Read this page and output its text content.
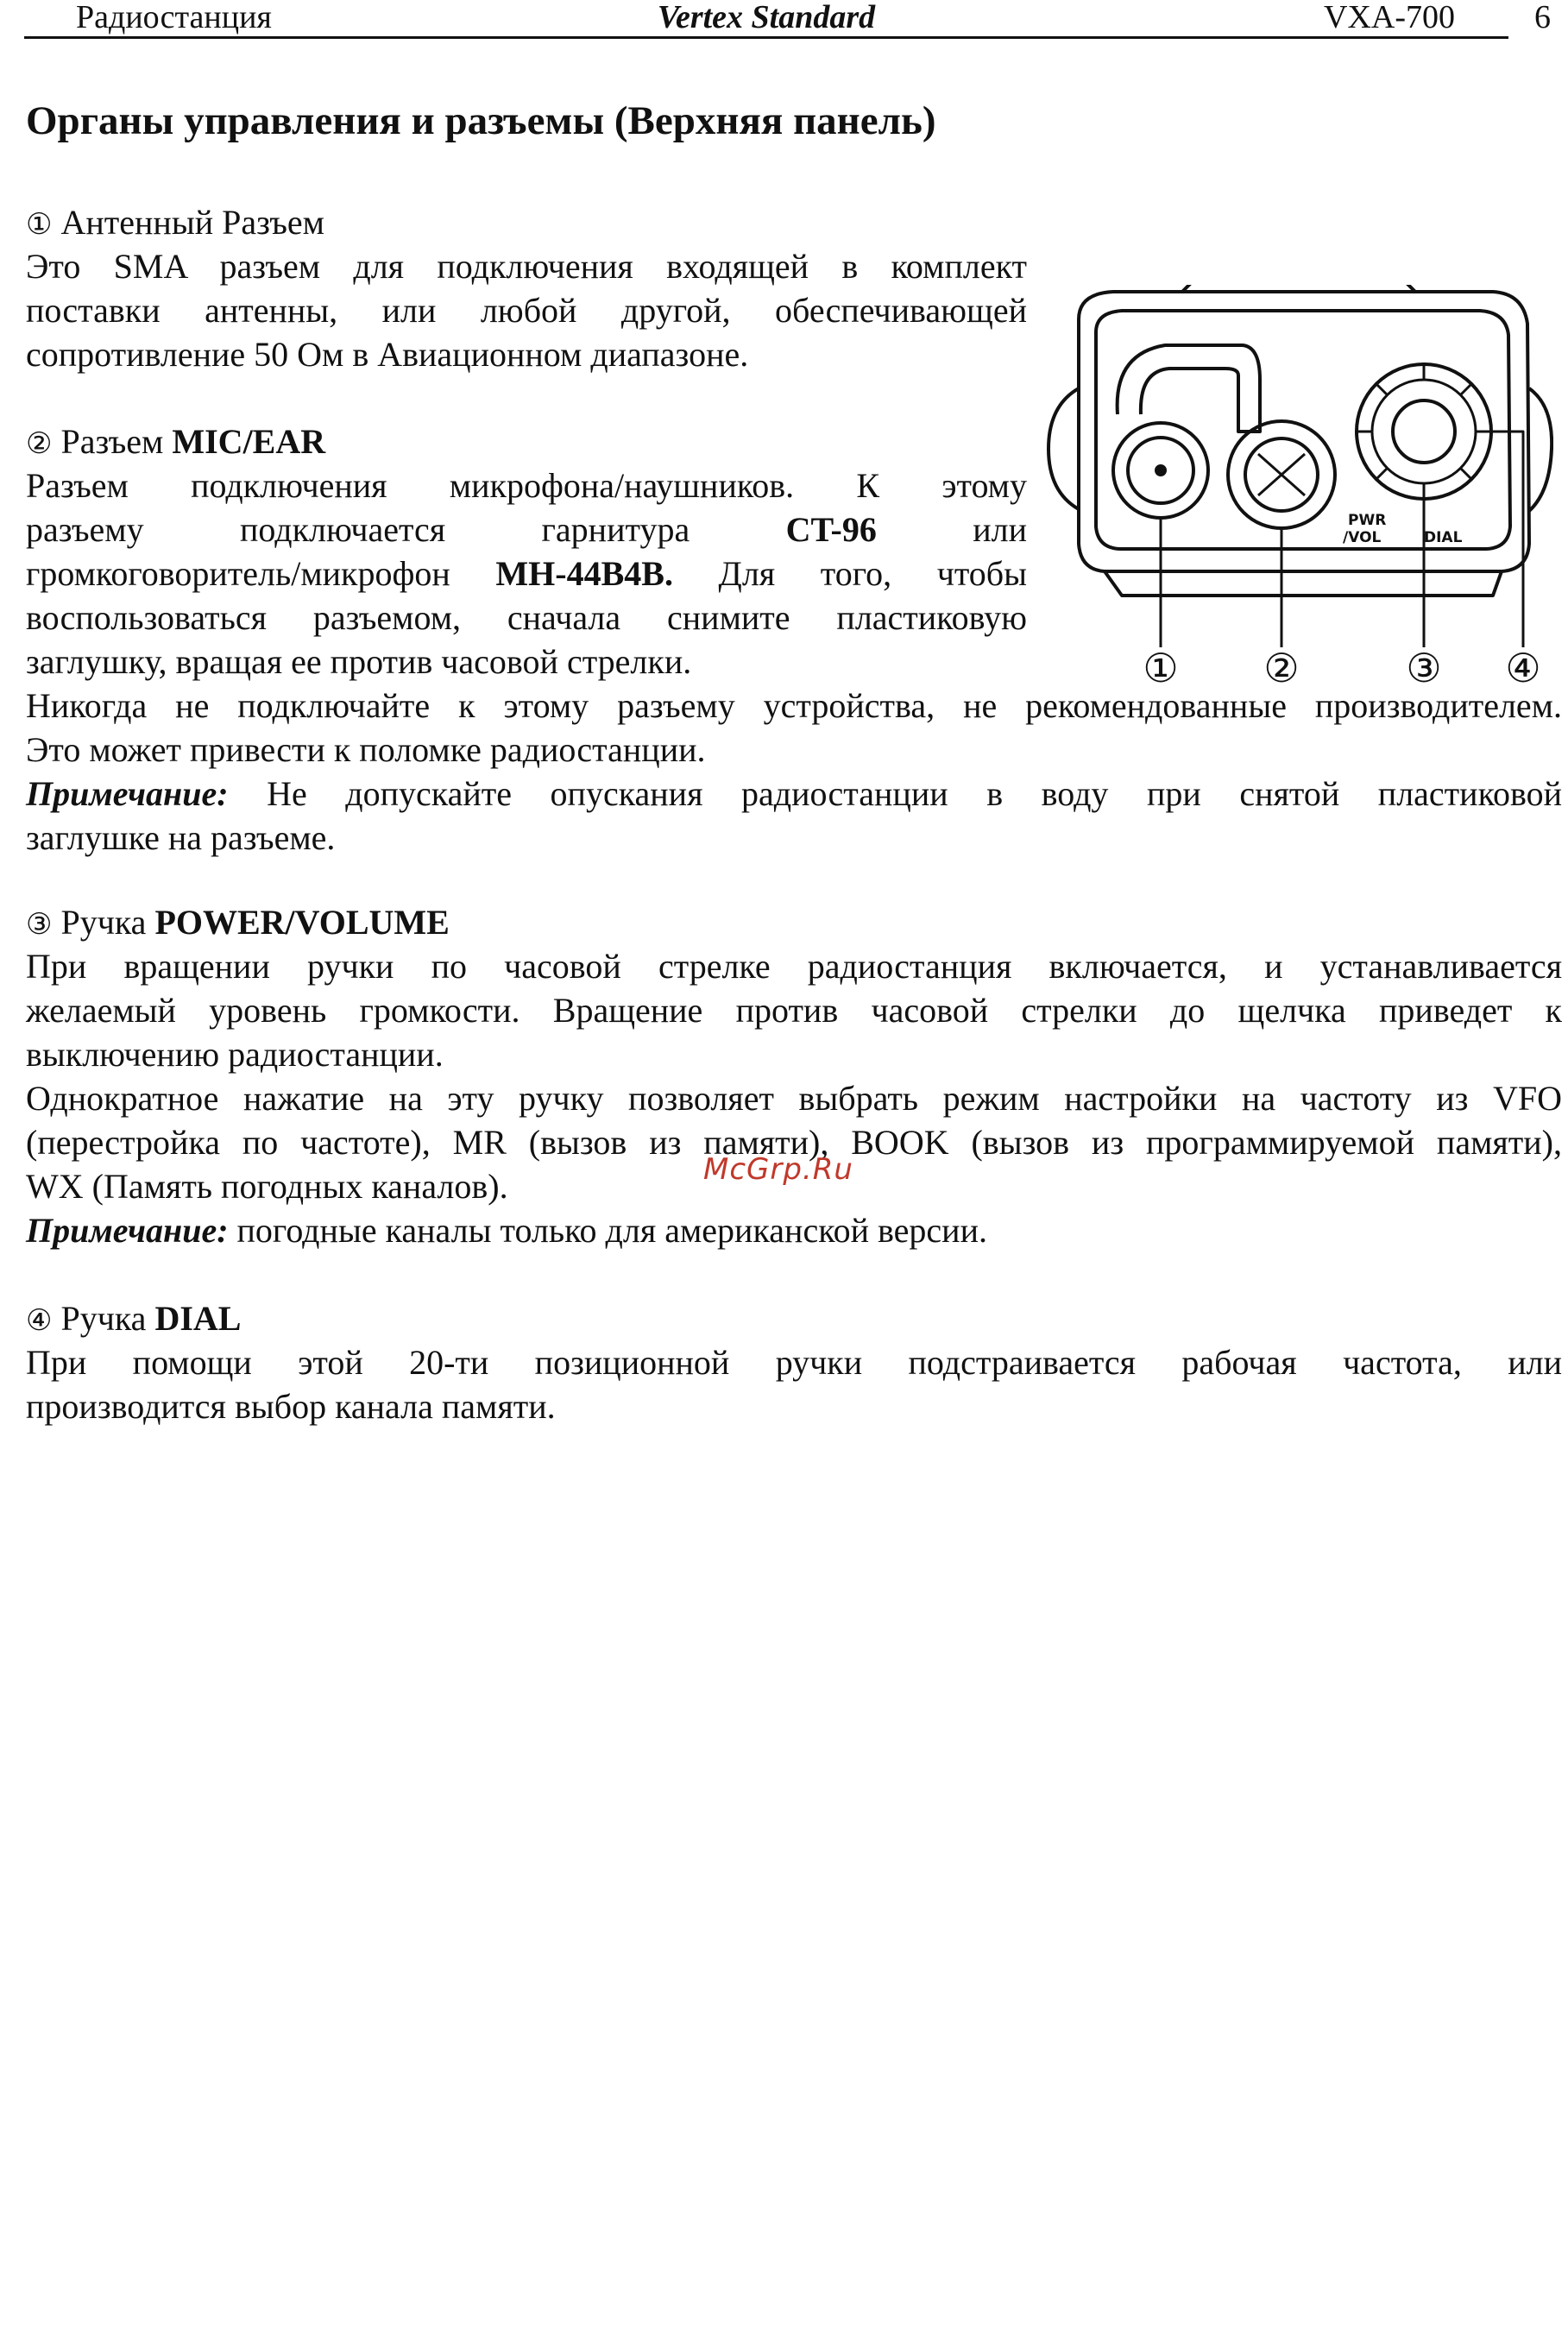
Радиостанция	Vertex Standard	VXA-700 6
Органы управления и разъемы (Верхняя панель)

① Антенный Разъем

Это SMA разъем для подключения входящей в комплект
поставки антенны, или любой другой, обеспечивающей
сопротивление 50 Ом в Авиационном диапазоне.

② Разъем MIC/EAR

Разъем подключения микрофона/наушников. К этому
разъему подключается гарнитура CT-96 или
громкоговоритель/микрофон MH-44B4B. Для того, чтобы
воспользоваться разъемом, сначала снимите пластиковую
заглушку, вращая ее против часовой стрелки.
Никогда не подключайте к этому разъему устройства, не рекомендованные производителем.
Это может привести к поломке радиостанции.
Примечание: Не допускайте опускания радиостанции в воду при снятой пластиковой
заглушке на разъеме.

③ Ручка POWER/VOLUME

При вращении ручки по часовой стрелке радиостанция включается, и устанавливается
желаемый уровень громкости. Вращение против часовой стрелки до щелчка приведет к
выключению радиостанции.
Однократное нажатие на эту ручку позволяет выбрать режим настройки на частоту из VFO
(перестройка по частоте), MR (вызов из памяти), BOOK (вызов из программируемой памяти),
WX (Память погодных каналов).
Примечание: погодные каналы только для американской версии.

④ Ручка DIAL

При помощи этой 20-ти позиционной ручки подстраивается рабочая частота, или
производится выбор канала памяти.
PWR
/VOL	DIAL
① ②	③ ④
McGrp.Ru
